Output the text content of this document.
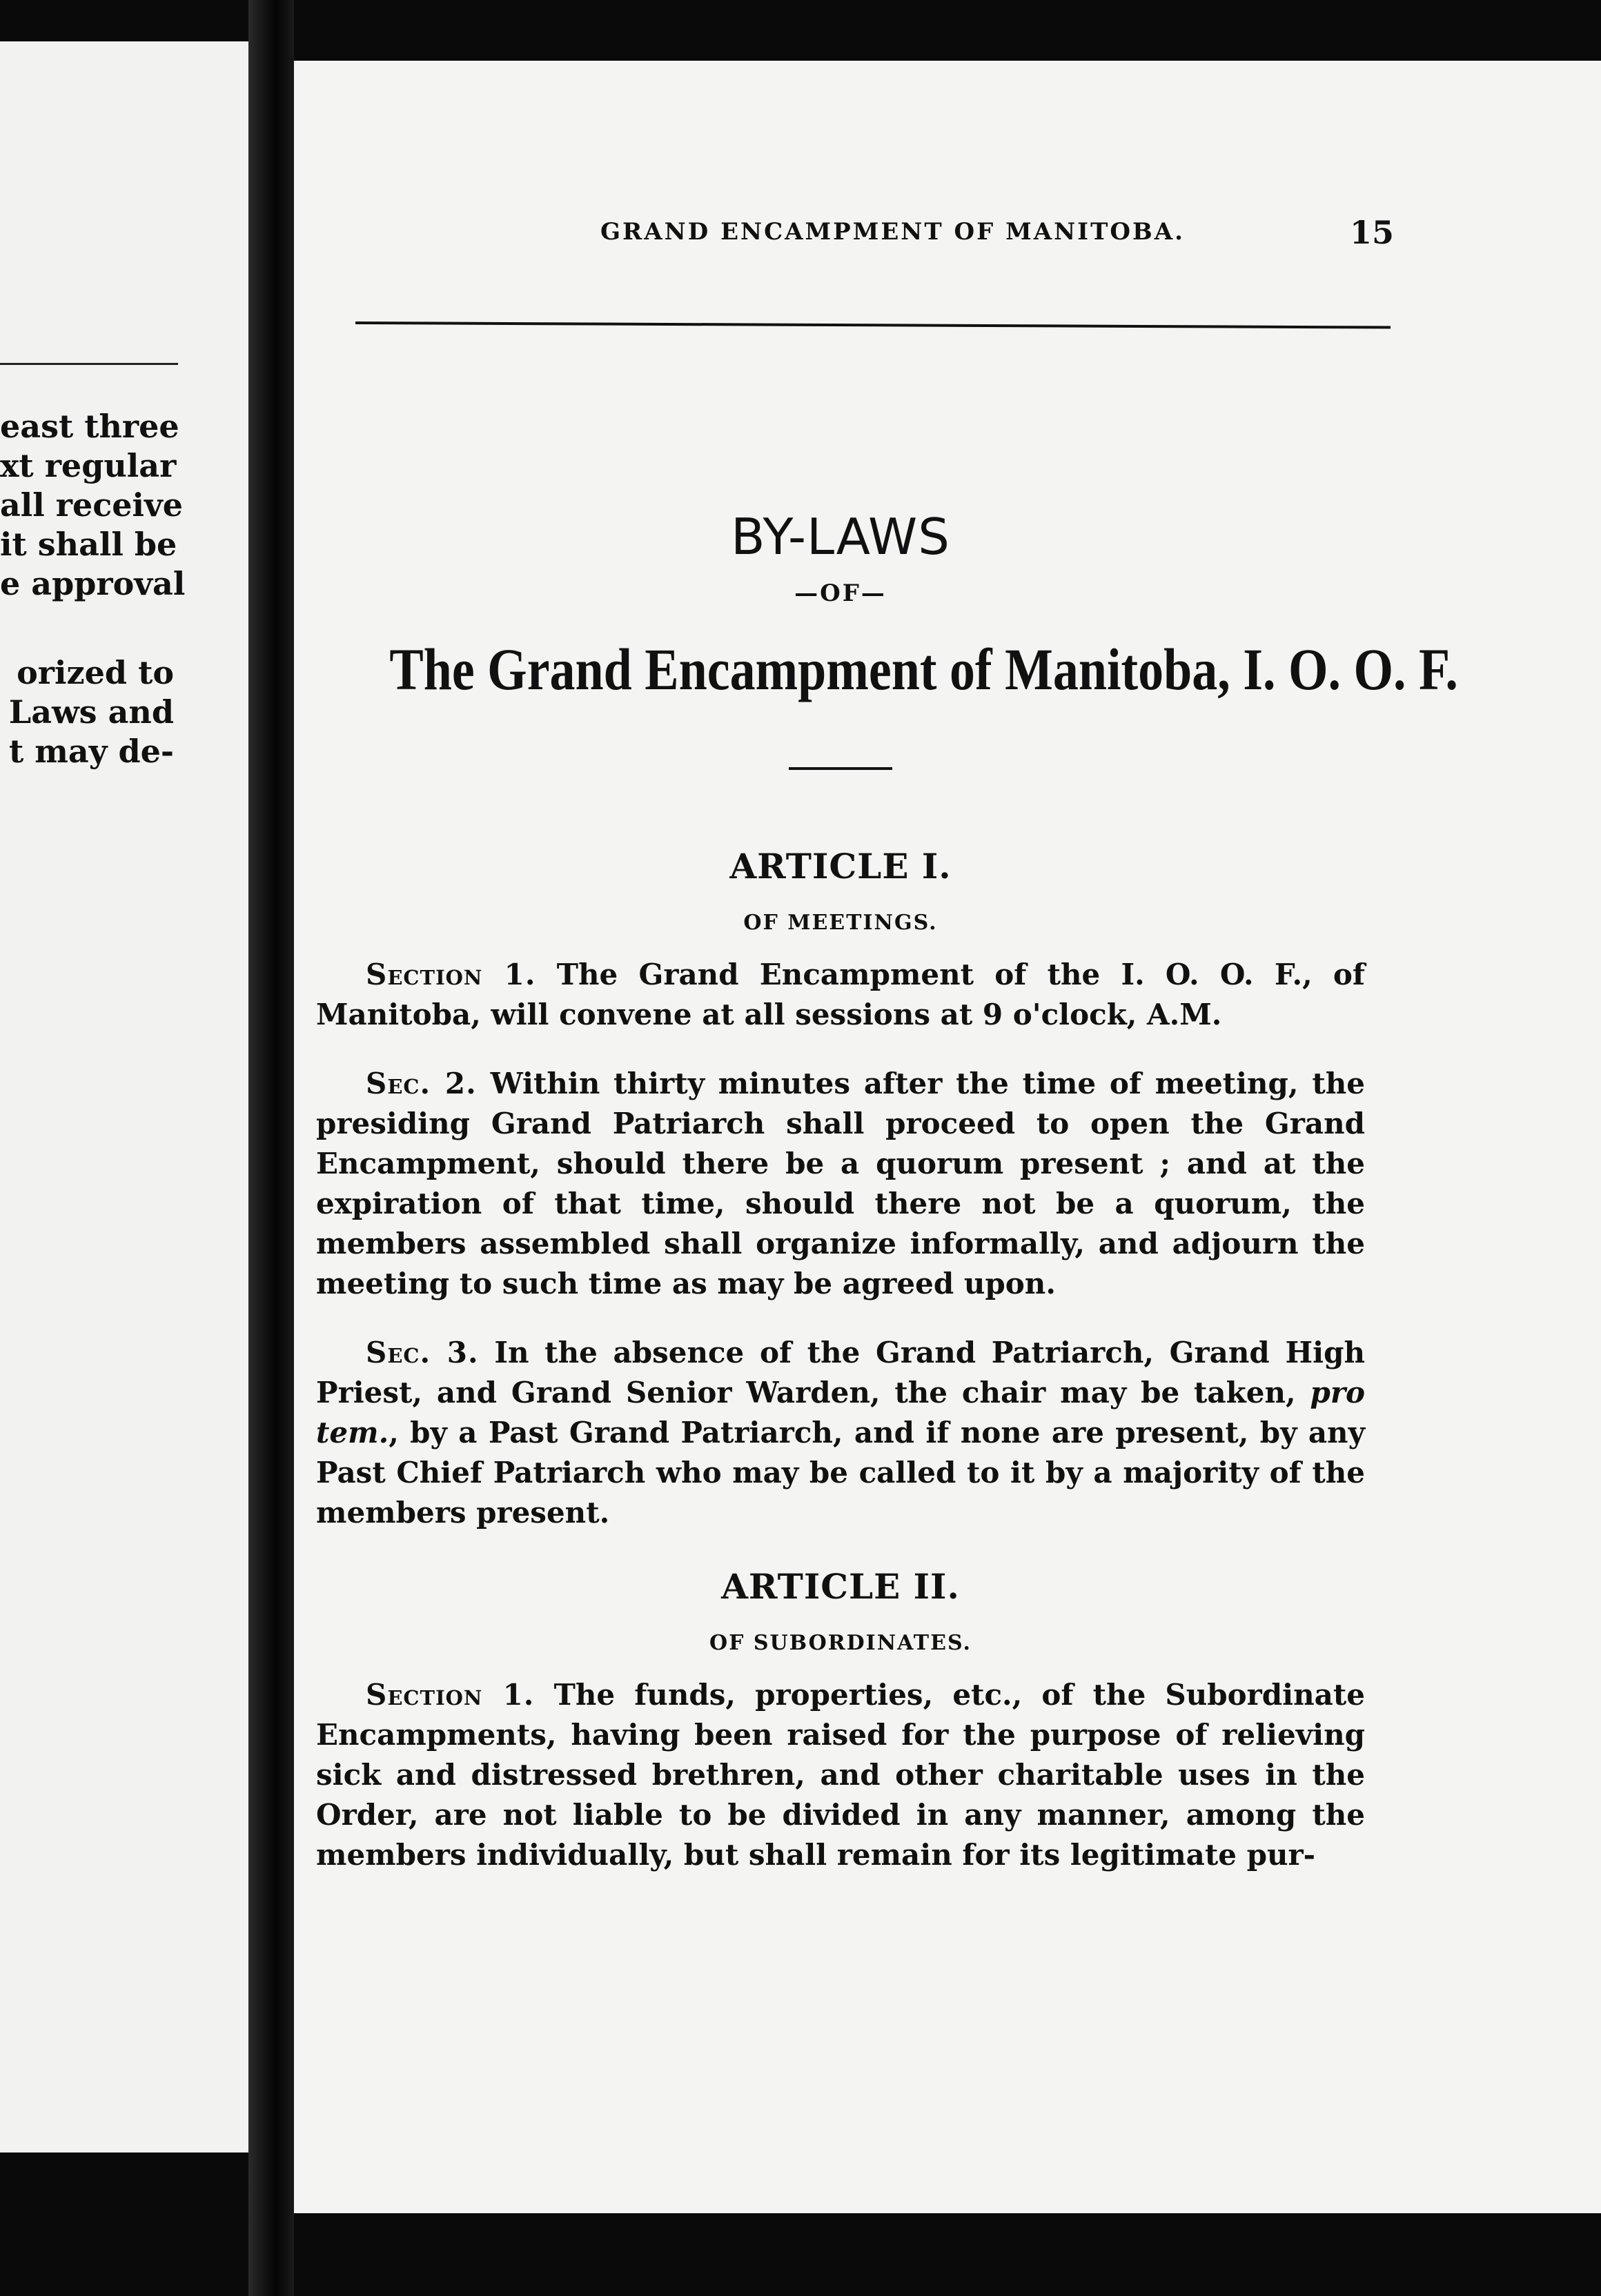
east three
xt regular
all receive
it shall be
e approval
orized to
Laws and
t may de-
GRAND ENCAMPMENT OF MANITOBA.	15
BY-LAWS
—OF—
The Grand Encampment of Manitoba, I. O. O. F.
ARTICLE I.
OF MEETINGS.

Section 1. The Grand Encampment of the I. O. O. F., of Manitoba, will convene at all sessions at 9 o'clock, A.M.

Sec. 2. Within thirty minutes after the time of meeting, the presiding Grand Patriarch shall proceed to open the Grand Encampment, should there be a quorum present ; and at the expiration of that time, should there not be a quorum, the members assembled shall organize informally, and adjourn the meeting to such time as may be agreed upon.

Sec. 3. In the absence of the Grand Patriarch, Grand High Priest, and Grand Senior Warden, the chair may be taken, pro tem., by a Past Grand Patriarch, and if none are present, by any Past Chief Patriarch who may be called to it by a majority of the members present.

ARTICLE II.
OF SUBORDINATES.

Section 1. The funds, properties, etc., of the Subordinate Encampments, having been raised for the purpose of relieving sick and distressed brethren, and other charitable uses in the Order, are not liable to be divided in any manner, among the members individually, but shall remain for its legitimate pur-
